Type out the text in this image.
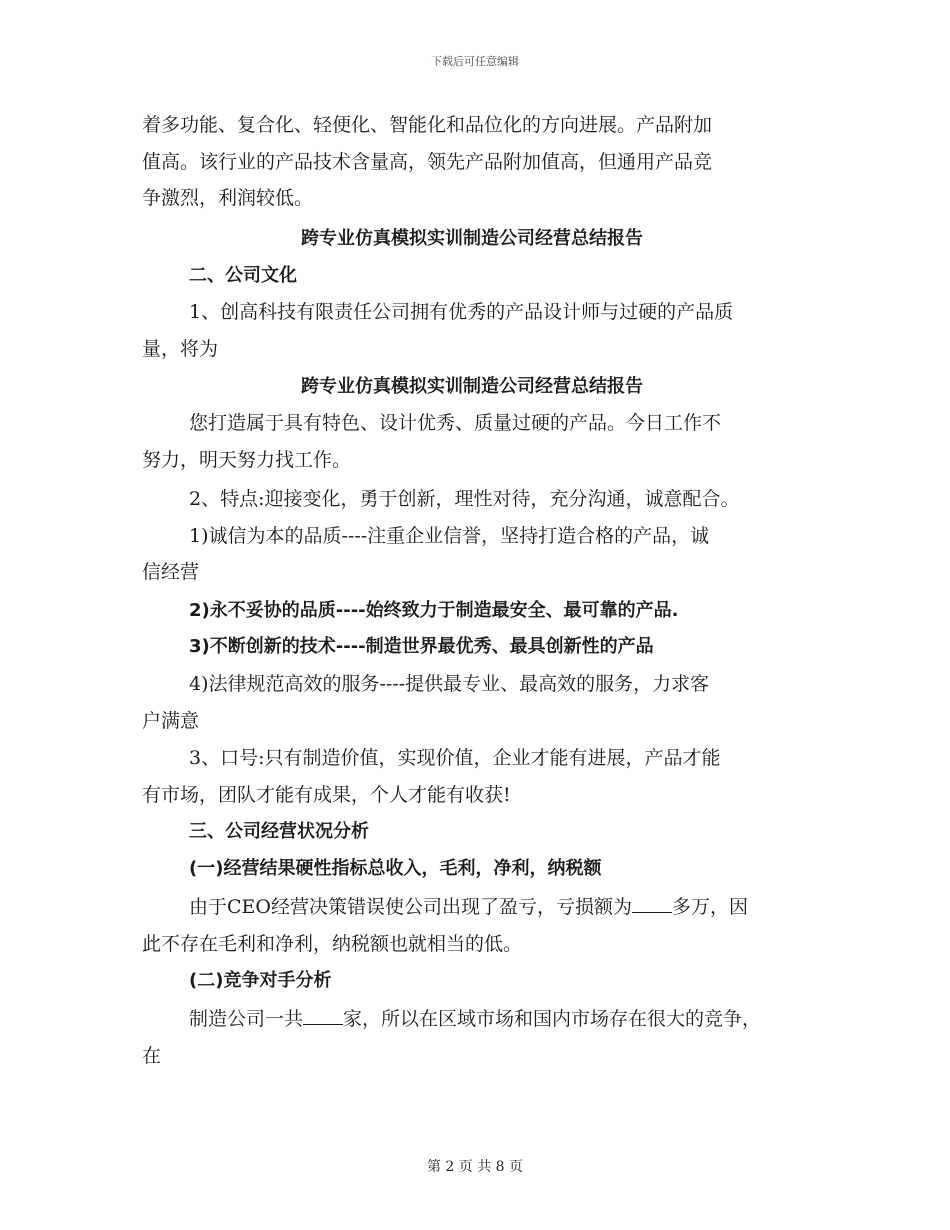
下载后可任意编辑
着多功能、复合化、轻便化、智能化和品位化的方向进展。产品附加
值高。该行业的产品技术含量高，领先产品附加值高，但通用产品竞
争激烈，利润较低。
跨专业仿真模拟实训制造公司经营总结报告
二、公司文化
1、创高科技有限责任公司拥有优秀的产品设计师与过硬的产品质
量，将为
跨专业仿真模拟实训制造公司经营总结报告
您打造属于具有特色、设计优秀、质量过硬的产品。今日工作不
努力，明天努力找工作。
2、特点:迎接变化，勇于创新，理性对待，充分沟通，诚意配合。
1)诚信为本的品质----注重企业信誉，坚持打造合格的产品，诚
信经营
2)永不妥协的品质----始终致力于制造最安全、最可靠的产品.
3)不断创新的技术----制造世界最优秀、最具创新性的产品
4)法律规范高效的服务----提供最专业、最高效的服务，力求客
户满意
3、口号:只有制造价值，实现价值，企业才能有进展，产品才能
有市场，团队才能有成果，个人才能有收获!
三、公司经营状况分析
(一)经营结果硬性指标总收入，毛利，净利，纳税额
由于CEO经营决策错误使公司出现了盈亏，亏损额为 多万，因
此不存在毛利和净利，纳税额也就相当的低。
(二)竞争对手分析
制造公司一共 家，所以在区域市场和国内市场存在很大的竞争，
在
第 2 页 共 8 页
